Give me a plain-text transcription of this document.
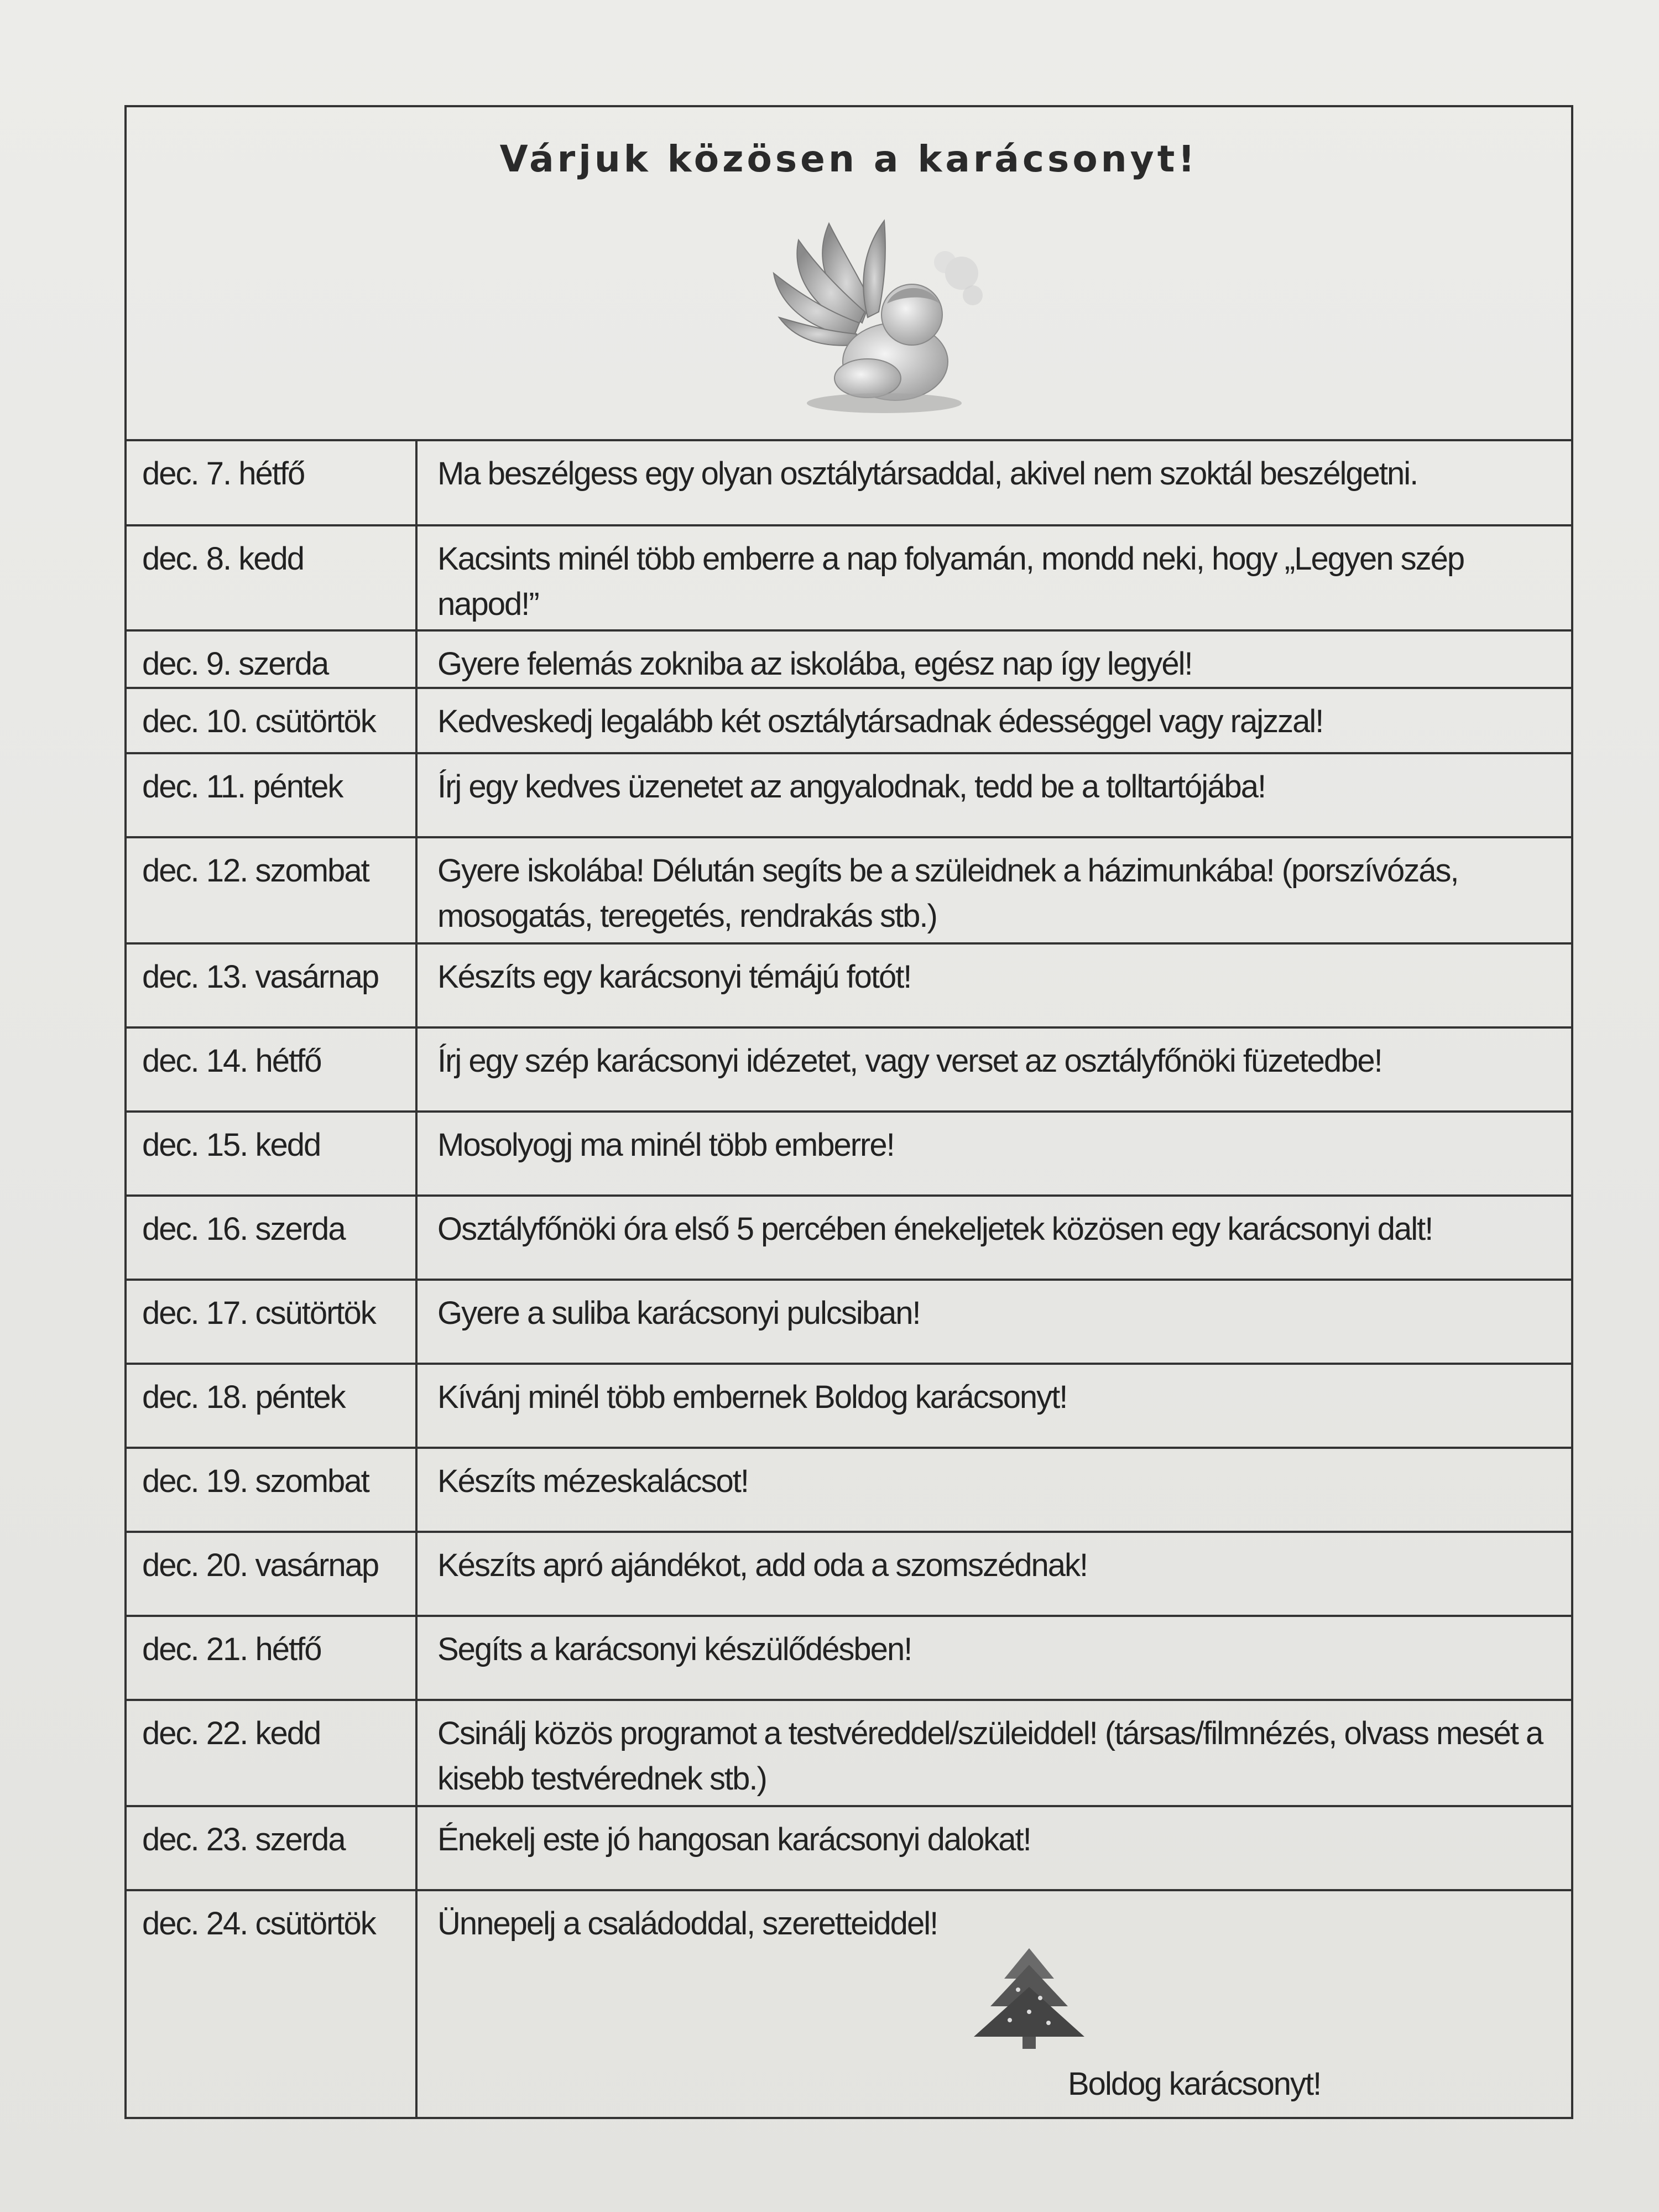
Várjuk közösen a karácsonyt!
dec. 7. hétfő	Ma beszélgess egy olyan osztálytársaddal, akivel nem szoktál beszélgetni.
dec. 8. kedd	Kacsints minél több emberre a nap folyamán, mondd neki, hogy „Legyen szép napod!”
dec. 9. szerda	Gyere felemás zokniba az iskolába, egész nap így legyél!
dec. 10. csütörtök	Kedveskedj legalább két osztálytársadnak édességgel vagy rajzzal!
dec. 11. péntek	Írj egy kedves üzenetet az angyalodnak, tedd be a tolltartójába!
dec. 12. szombat	Gyere iskolába! Délután segíts be a szüleidnek a házimunkába! (porszívózás, mosogatás, teregetés, rendrakás stb.)
dec. 13. vasárnap	Készíts egy karácsonyi témájú fotót!
dec. 14. hétfő	Írj egy szép karácsonyi idézetet, vagy verset az osztályfőnöki füzetedbe!
dec. 15. kedd	Mosolyogj ma minél több emberre!
dec. 16. szerda	Osztályfőnöki óra első 5 percében énekeljetek közösen egy karácsonyi dalt!
dec. 17. csütörtök	Gyere a suliba karácsonyi pulcsiban!
dec. 18. péntek	Kívánj minél több embernek Boldog karácsonyt!
dec. 19. szombat	Készíts mézeskalácsot!
dec. 20. vasárnap	Készíts apró ajándékot, add oda a szomszédnak!
dec. 21. hétfő	Segíts a karácsonyi készülődésben!
dec. 22. kedd	Csinálj közös programot a testvéreddel/szüleiddel! (társas/filmnézés, olvass mesét a kisebb testvérednek stb.)
dec. 23. szerda	Énekelj este jó hangosan karácsonyi dalokat!
dec. 24. csütörtök	Ünnepelj a családoddal, szeretteiddel!
Boldog karácsonyt!
